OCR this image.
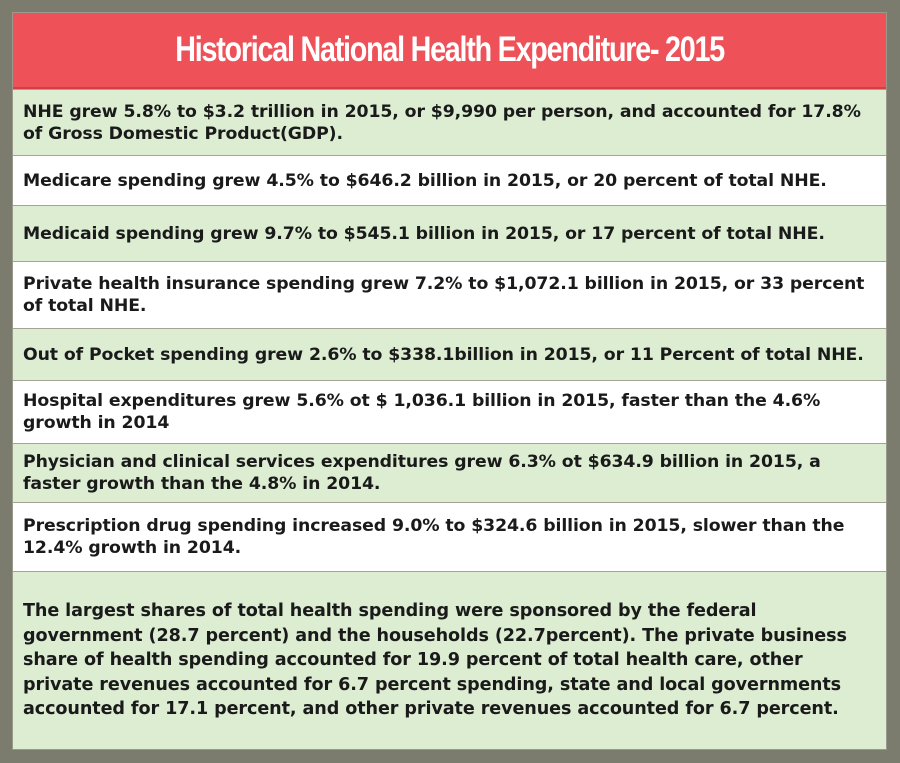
Historical National Health Expenditure- 2015
NHE grew 5.8% to $3.2 trillion in 2015, or $9,990 per person, and accounted for 17.8% of Gross Domestic Product(GDP).
Medicare spending grew 4.5% to $646.2 billion in 2015, or 20 percent of total NHE.
Medicaid spending grew 9.7% to $545.1 billion in 2015, or 17 percent of total NHE.
Private health insurance spending grew 7.2% to $1,072.1 billion in 2015, or 33 percent of total NHE.
Out of Pocket spending grew 2.6% to $338.1billion in 2015, or 11 Percent of total NHE.
Hospital expenditures grew 5.6% ot $ 1,036.1 billion in 2015, faster than the 4.6% growth in 2014
Physician and clinical services expenditures grew 6.3% ot $634.9 billion in 2015, a faster growth than the 4.8% in 2014.
Prescription drug spending increased 9.0% to $324.6 billion in 2015, slower than the 12.4% growth in 2014.
The largest shares of total health spending were sponsored by the federal government (28.7 percent) and the households (22.7percent). The private business share of health spending accounted for 19.9 percent of total health care, other private revenues accounted for 6.7 percent spending, state and local governments accounted for 17.1 percent, and other private revenues accounted for 6.7 percent.
